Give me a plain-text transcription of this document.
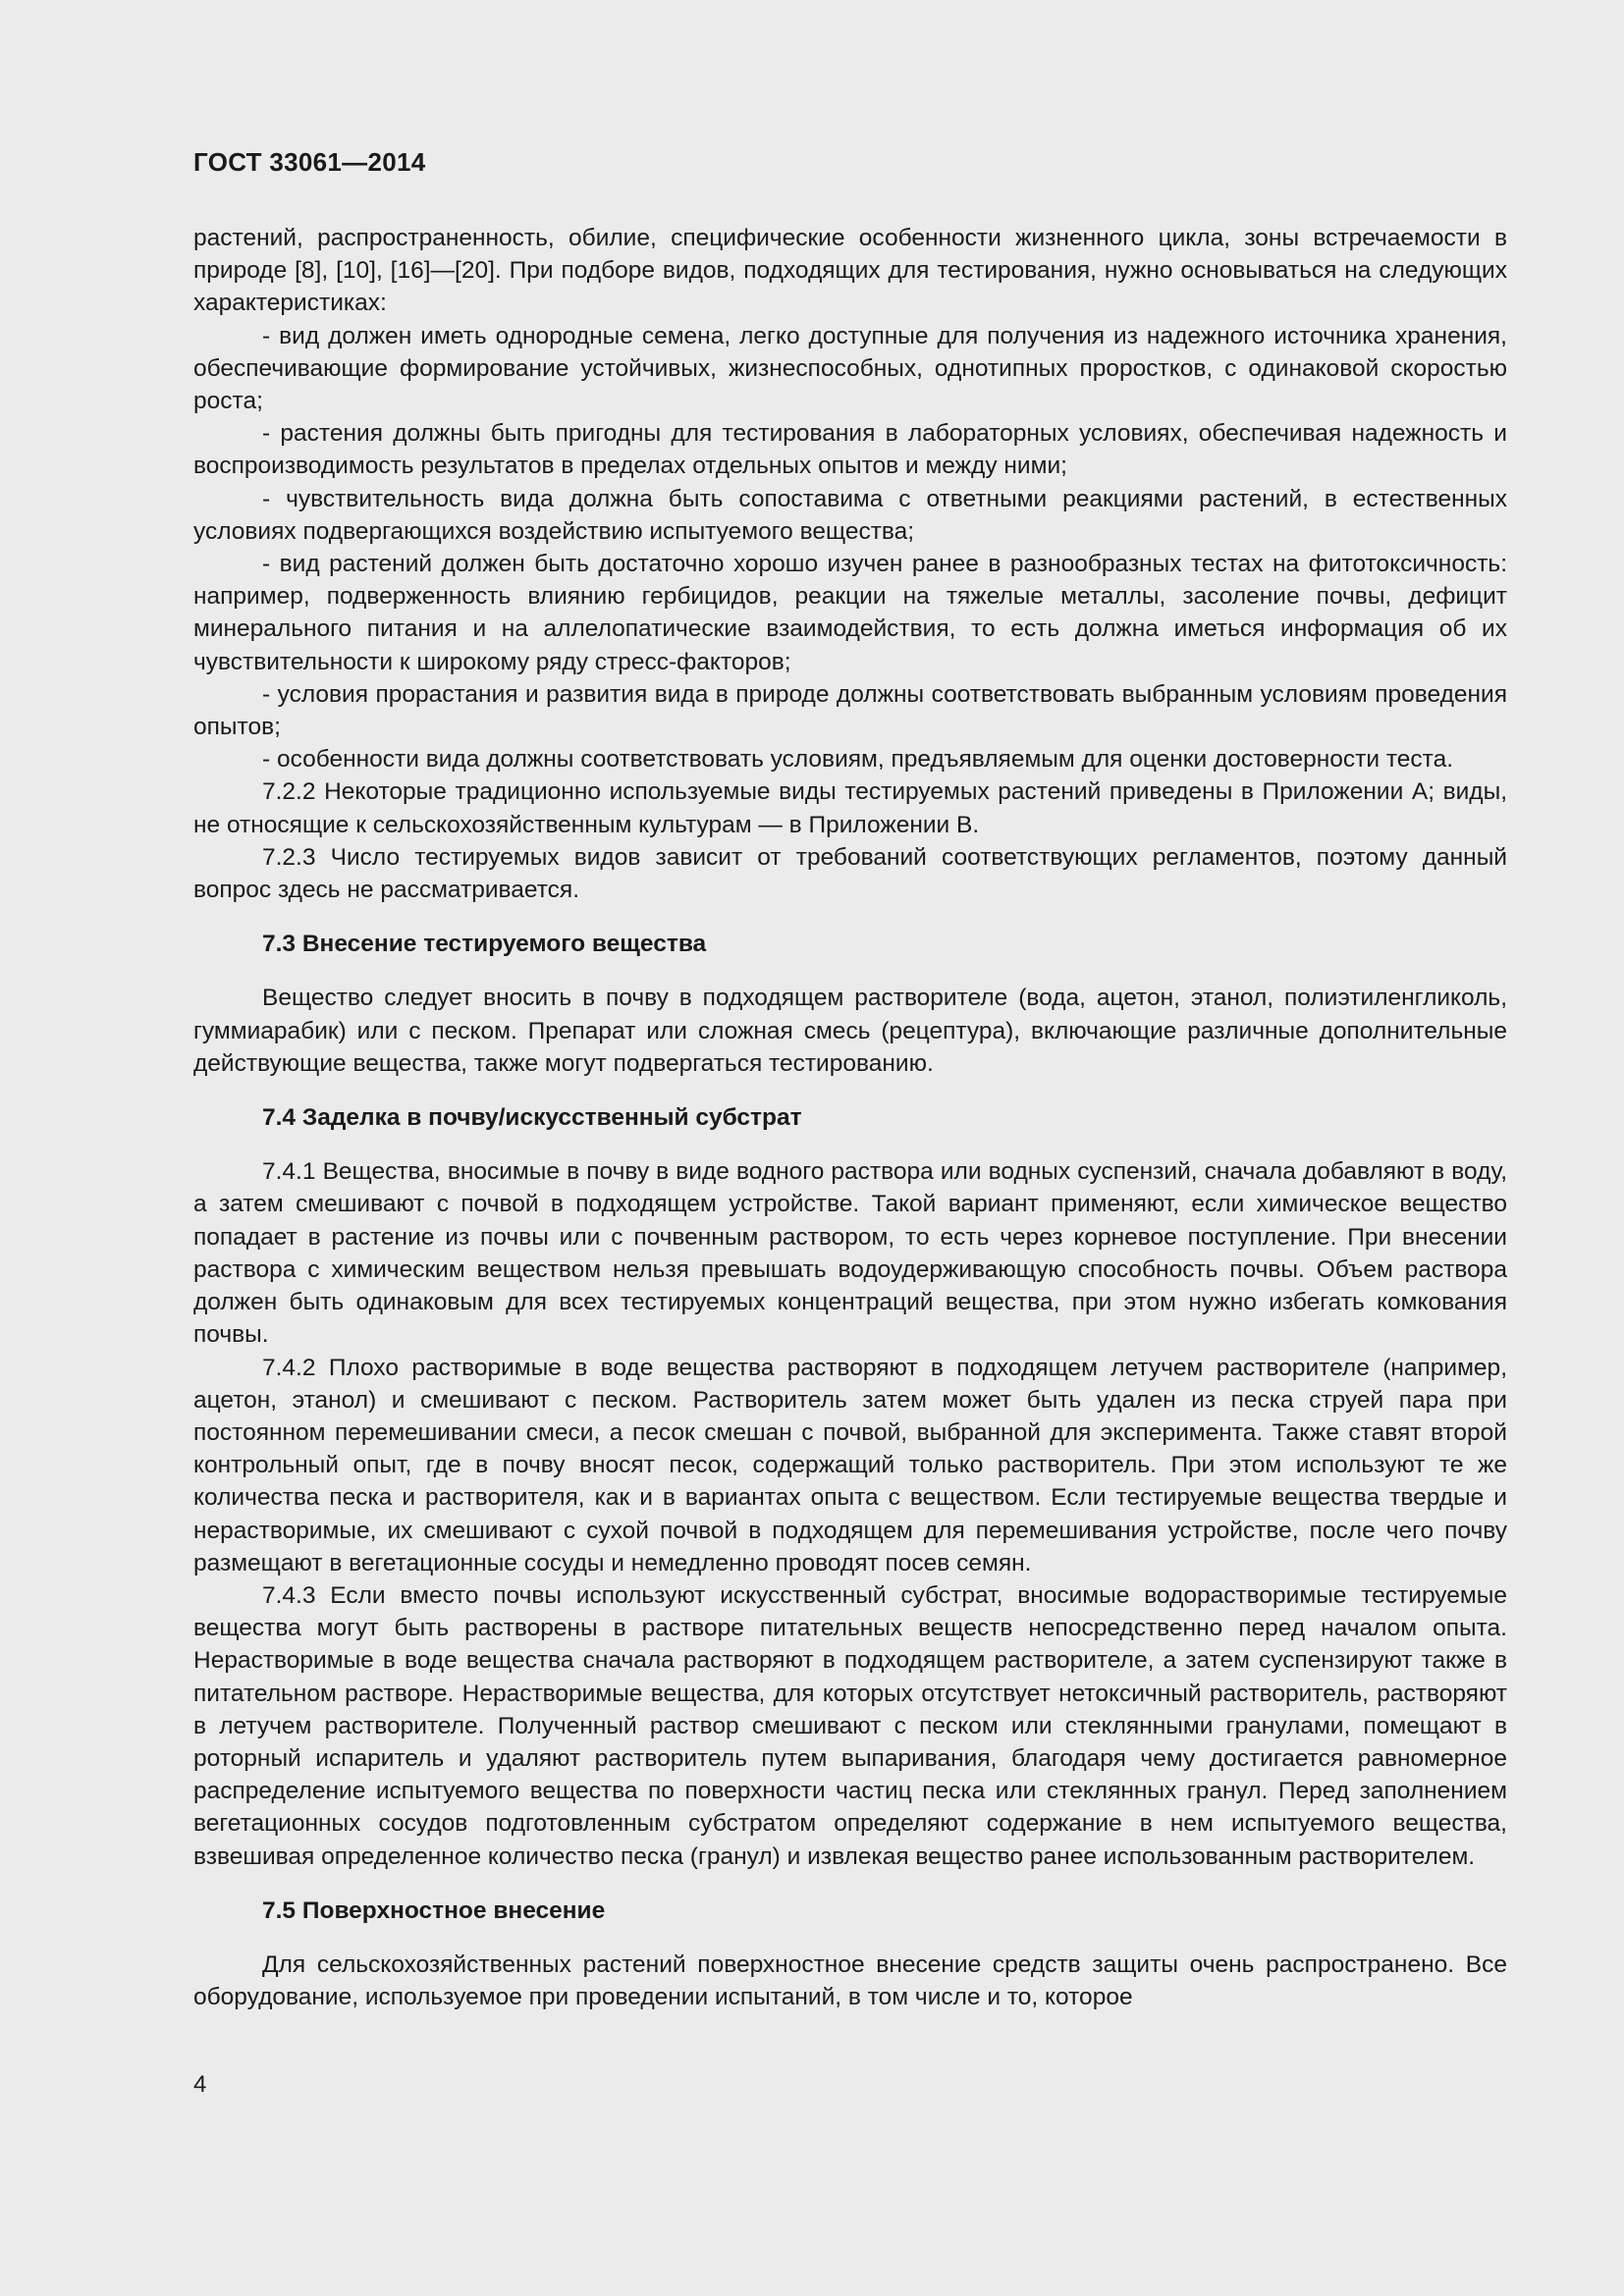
ГОСТ 33061—2014

растений, распространенность, обилие, специфические особенности жизненного цикла, зоны встречаемости в природе [8], [10], [16]—[20]. При подборе видов, подходящих для тестирования, нужно основываться на следующих характеристиках:

- вид должен иметь однородные семена, легко доступные для получения из надежного источника хранения, обеспечивающие формирование устойчивых, жизнеспособных, однотипных проростков, с одинаковой скоростью роста;

- растения должны быть пригодны для тестирования в лабораторных условиях, обеспечивая надежность и воспроизводимость результатов в пределах отдельных опытов и между ними;

- чувствительность вида должна быть сопоставима с ответными реакциями растений, в естественных условиях подвергающихся воздействию испытуемого вещества;

- вид растений должен быть достаточно хорошо изучен ранее в разнообразных тестах на фитотоксичность: например, подверженность влиянию гербицидов, реакции на тяжелые металлы, засоление почвы, дефицит минерального питания и на аллелопатические взаимодействия, то есть должна иметься информация об их чувствительности к широкому ряду стресс-факторов;

- условия прорастания и развития вида в природе должны соответствовать выбранным условиям проведения опытов;

- особенности вида должны соответствовать условиям, предъявляемым для оценки достоверности теста.

7.2.2 Некоторые традиционно используемые виды тестируемых растений приведены в Приложении А; виды, не относящие к сельскохозяйственным культурам — в Приложении В.

7.2.3 Число тестируемых видов зависит от требований соответствующих регламентов, поэтому данный вопрос здесь не рассматривается.

7.3 Внесение тестируемого вещества

Вещество следует вносить в почву в подходящем растворителе (вода, ацетон, этанол, полиэтиленгликоль, гуммиарабик) или с песком. Препарат или сложная смесь (рецептура), включающие различные дополнительные действующие вещества, также могут подвергаться тестированию.

7.4 Заделка в почву/искусственный субстрат

7.4.1 Вещества, вносимые в почву в виде водного раствора или водных суспензий, сначала добавляют в воду, а затем смешивают с почвой в подходящем устройстве. Такой вариант применяют, если химическое вещество попадает в растение из почвы или с почвенным раствором, то есть через корневое поступление. При внесении раствора с химическим веществом нельзя превышать водоудерживающую способность почвы. Объем раствора должен быть одинаковым для всех тестируемых концентраций вещества, при этом нужно избегать комкования почвы.

7.4.2 Плохо растворимые в воде вещества растворяют в подходящем летучем растворителе (например, ацетон, этанол) и смешивают с песком. Растворитель затем может быть удален из песка струей пара при постоянном перемешивании смеси, а песок смешан с почвой, выбранной для эксперимента. Также ставят второй контрольный опыт, где в почву вносят песок, содержащий только растворитель. При этом используют те же количества песка и растворителя, как и в вариантах опыта с веществом. Если тестируемые вещества твердые и нерастворимые, их смешивают с сухой почвой в подходящем для перемешивания устройстве, после чего почву размещают в вегетационные сосуды и немедленно проводят посев семян.

7.4.3 Если вместо почвы используют искусственный субстрат, вносимые водорастворимые тестируемые вещества могут быть растворены в растворе питательных веществ непосредственно перед началом опыта. Нерастворимые в воде вещества сначала растворяют в подходящем растворителе, а затем суспензируют также в питательном растворе. Нерастворимые вещества, для которых отсутствует нетоксичный растворитель, растворяют в летучем растворителе. Полученный раствор смешивают с песком или стеклянными гранулами, помещают в роторный испаритель и удаляют растворитель путем выпаривания, благодаря чему достигается равномерное распределение испытуемого вещества по поверхности частиц песка или стеклянных гранул. Перед заполнением вегетационных сосудов подготовленным субстратом определяют содержание в нем испытуемого вещества, взвешивая определенное количество песка (гранул) и извлекая вещество ранее использованным растворителем.

7.5 Поверхностное внесение

Для сельскохозяйственных растений поверхностное внесение средств защиты очень распространено. Все оборудование, используемое при проведении испытаний, в том числе и то, которое

4
